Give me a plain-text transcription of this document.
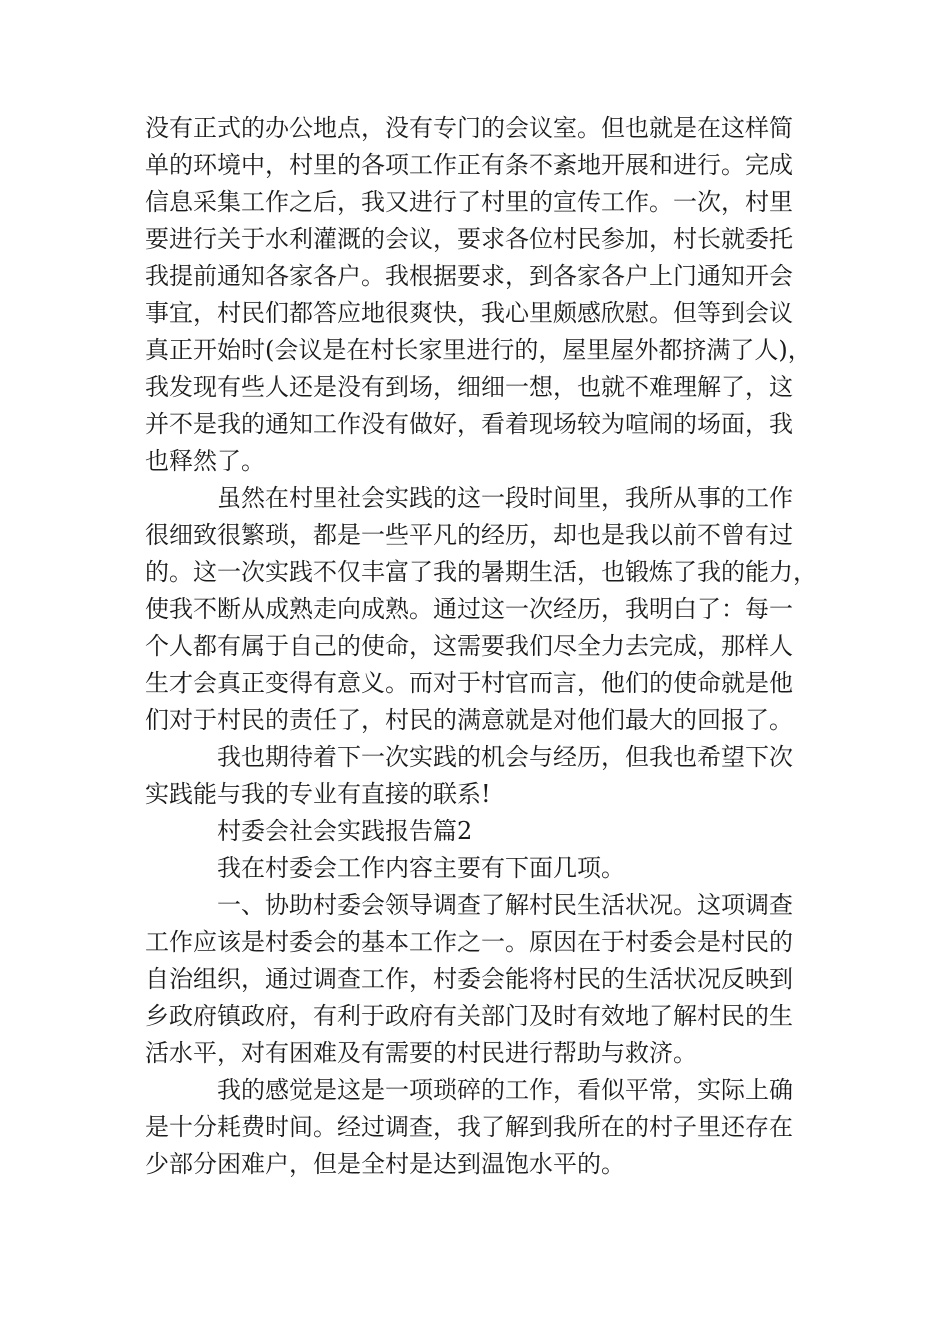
没有正式的办公地点，没有专门的会议室。但也就是在这样简
单的环境中，村里的各项工作正有条不紊地开展和进行。完成
信息采集工作之后，我又进行了村里的宣传工作。一次，村里
要进行关于水利灌溉的会议，要求各位村民参加，村长就委托
我提前通知各家各户。我根据要求，到各家各户上门通知开会
事宜，村民们都答应地很爽快，我心里颇感欣慰。但等到会议
真正开始时(会议是在村长家里进行的，屋里屋外都挤满了人)，
我发现有些人还是没有到场，细细一想，也就不难理解了，这
并不是我的通知工作没有做好，看着现场较为喧闹的场面，我
也释然了。
虽然在村里社会实践的这一段时间里，我所从事的工作
很细致很繁琐，都是一些平凡的经历，却也是我以前不曾有过
的。这一次实践不仅丰富了我的暑期生活，也锻炼了我的能力，
使我不断从成熟走向成熟。通过这一次经历，我明白了：每一
个人都有属于自己的使命，这需要我们尽全力去完成，那样人
生才会真正变得有意义。而对于村官而言，他们的使命就是他
们对于村民的责任了，村民的满意就是对他们最大的回报了。
我也期待着下一次实践的机会与经历，但我也希望下次
实践能与我的专业有直接的联系!
村委会社会实践报告篇2
我在村委会工作内容主要有下面几项。
一、协助村委会领导调查了解村民生活状况。这项调查
工作应该是村委会的基本工作之一。原因在于村委会是村民的
自治组织，通过调查工作，村委会能将村民的生活状况反映到
乡政府镇政府，有利于政府有关部门及时有效地了解村民的生
活水平，对有困难及有需要的村民进行帮助与救济。
我的感觉是这是一项琐碎的工作，看似平常，实际上确
是十分耗费时间。经过调查，我了解到我所在的村子里还存在
少部分困难户，但是全村是达到温饱水平的。
